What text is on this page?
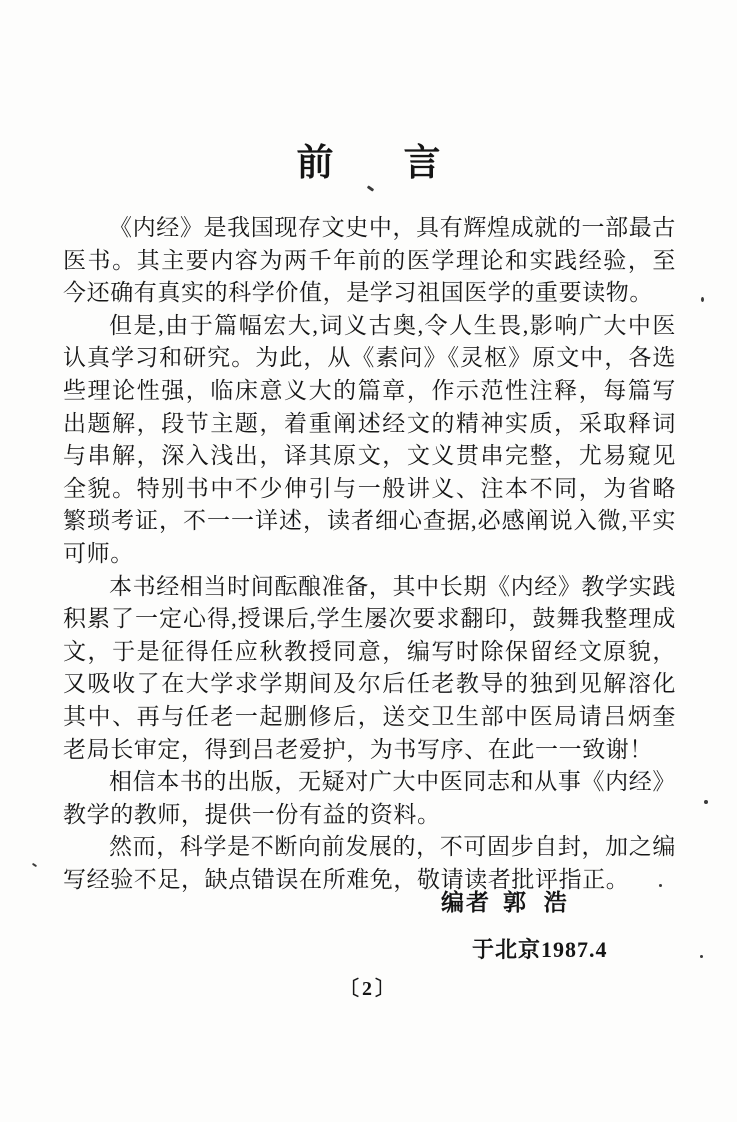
前 言

《内经》是我国现存文史中，具有辉煌成就的一部最古医书。其主要内容为两千年前的医学理论和实践经验，至今还确有真实的科学价值，是学习祖国医学的重要读物。

但是,由于篇幅宏大,词义古奥,令人生畏,影响广大中医认真学习和研究。为此，从《素问》《灵枢》原文中，各选些理论性强，临床意义大的篇章，作示范性注释，每篇写出题解，段节主题，着重阐述经文的精神实质，采取释词与串解，深入浅出，译其原文，文义贯串完整，尤易窥见全貌。特别书中不少伸引与一般讲义、注本不同，为省略繁琐考证，不一一详述，读者细心查据,必感阐说入微,平实可师。

本书经相当时间酝酿准备，其中长期《内经》教学实践积累了一定心得,授课后,学生屡次要求翻印，鼓舞我整理成文，于是征得任应秋教授同意，编写时除保留经文原貌，又吸收了在大学求学期间及尔后任老教导的独到见解溶化其中、再与任老一起删修后，送交卫生部中医局请吕炳奎老局长审定，得到吕老爱护，为书写序、在此一一致谢！

相信本书的出版，无疑对广大中医同志和从事《内经》教学的教师，提供一份有益的资料。

然而，科学是不断向前发展的，不可固步自封，加之编写经验不足，缺点错误在所难免，敬请读者批评指正。

编者 郭 浩
于北京1987.4
〔2〕
